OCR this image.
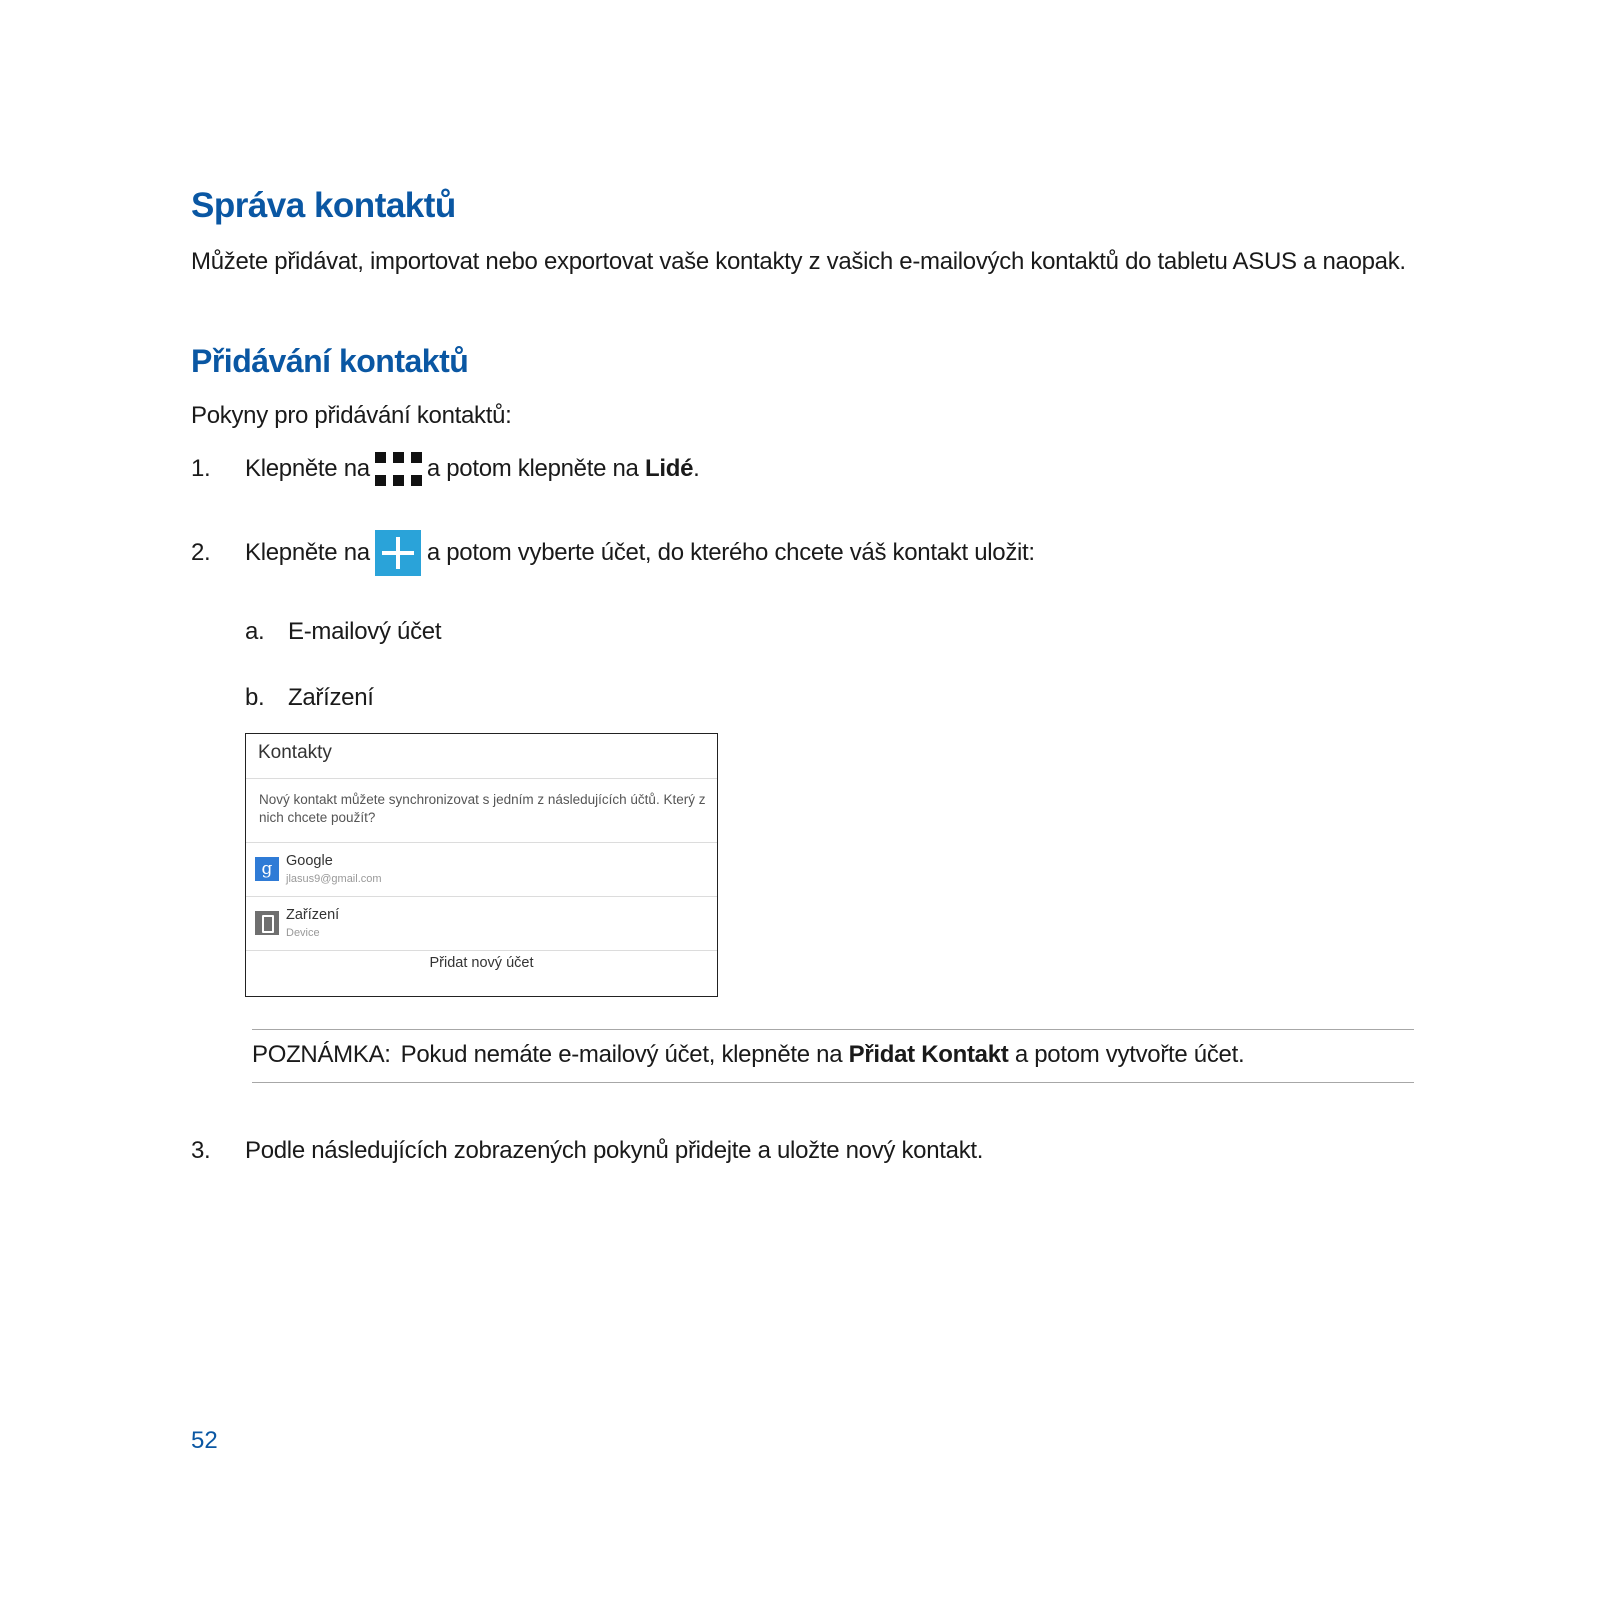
Správa kontaktů

Můžete přidávat, importovat nebo exportovat vaše kontakty z vašich e-mailových kontaktů do tabletu ASUS a naopak.

Přidávání kontaktů

Pokyny pro přidávání kontaktů:

1.	Klepněte na a potom klepněte na Lidé.
2.	Klepněte na a potom vyberte účet, do kterého chcete váš kontakt uložit:
a. E-mailový účet
b. Zařízení
Kontakty
Nový kontakt můžete synchronizovat s jedním z následujících účtů. Který z nich chcete použít?
g Google
jlasus9@gmail.com
Zařízení
Device
Přidat nový účet
POZNÁMKA: Pokud nemáte e-mailový účet, klepněte na Přidat Kontakt a potom vytvořte účet.
3.	Podle následujících zobrazených pokynů přidejte a uložte nový kontakt.
52
